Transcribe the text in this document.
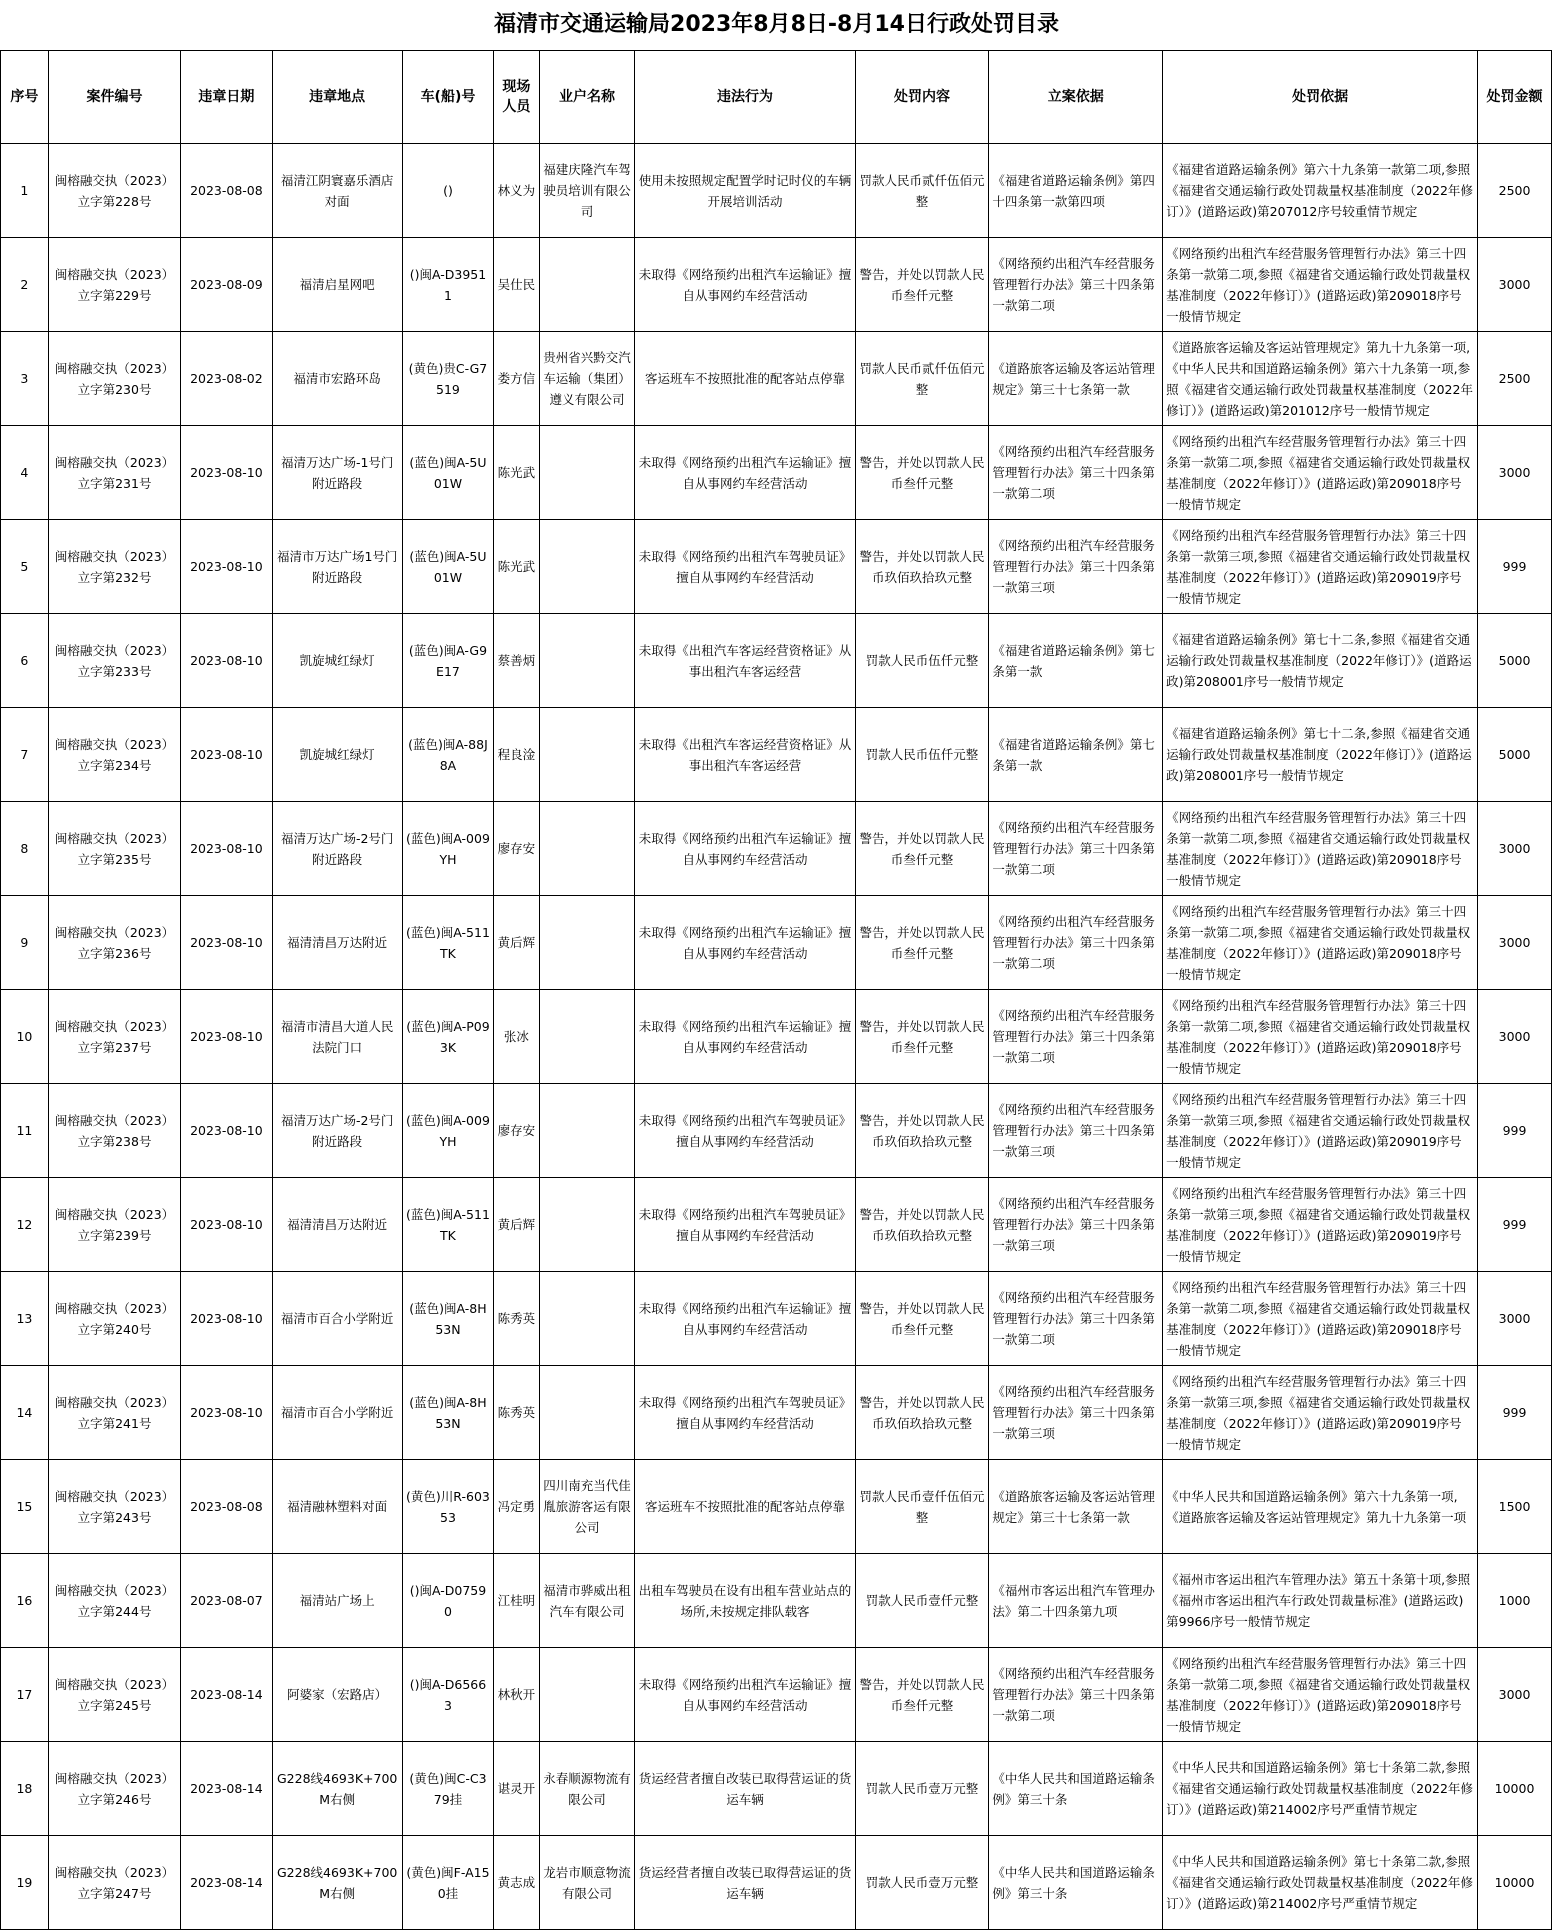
福清市交通运输局2023年8月8日-8月14日行政处罚目录
序号	案件编号	违章日期	违章地点	车(船)号	现场人员	业户名称	违法行为	处罚内容	立案依据	处罚依据	处罚金额

1	闽榕融交执（2023）立字第228号	2023-08-08	福清江阴寰嘉乐酒店对面	()	林义为	福建庆隆汽车驾驶员培训有限公司	使用未按照规定配置学时记时仪的车辆开展培训活动	罚款人民币贰仟伍佰元整	《福建省道路运输条例》第四十四条第一款第四项	《福建省道路运输条例》第六十九条第一款第二项,参照《福建省交通运输行政处罚裁量权基准制度（2022年修订）》(道路运政)第207012序号较重情节规定	2500

2	闽榕融交执（2023）立字第229号	2023-08-09	福清启星网吧	()闽A-D39511	吴仕民		未取得《网络预约出租汽车运输证》擅自从事网约车经营活动	警告，并处以罚款人民币叁仟元整	《网络预约出租汽车经营服务管理暂行办法》第三十四条第一款第二项	《网络预约出租汽车经营服务管理暂行办法》第三十四条第一款第二项,参照《福建省交通运输行政处罚裁量权基准制度（2022年修订）》(道路运政)第209018序号一般情节规定	3000

3	闽榕融交执（2023）立字第230号	2023-08-02	福清市宏路环岛	(黄色)贵C-G7519	娄方信	贵州省兴黔交汽车运输（集团）遵义有限公司	客运班车不按照批准的配客站点停靠	罚款人民币贰仟伍佰元整	《道路旅客运输及客运站管理规定》第三十七条第一款	《道路旅客运输及客运站管理规定》第九十九条第一项,《中华人民共和国道路运输条例》第六十九条第一项,参照《福建省交通运输行政处罚裁量权基准制度（2022年修订）》(道路运政)第201012序号一般情节规定	2500

4	闽榕融交执（2023）立字第231号	2023-08-10	福清万达广场-1号门附近路段	(蓝色)闽A-5U01W	陈光武		未取得《网络预约出租汽车运输证》擅自从事网约车经营活动	警告，并处以罚款人民币叁仟元整	《网络预约出租汽车经营服务管理暂行办法》第三十四条第一款第二项	《网络预约出租汽车经营服务管理暂行办法》第三十四条第一款第二项,参照《福建省交通运输行政处罚裁量权基准制度（2022年修订）》(道路运政)第209018序号一般情节规定	3000

5	闽榕融交执（2023）立字第232号	2023-08-10	福清市万达广场1号门附近路段	(蓝色)闽A-5U01W	陈光武		未取得《网络预约出租汽车驾驶员证》擅自从事网约车经营活动	警告，并处以罚款人民币玖佰玖拾玖元整	《网络预约出租汽车经营服务管理暂行办法》第三十四条第一款第三项	《网络预约出租汽车经营服务管理暂行办法》第三十四条第一款第三项,参照《福建省交通运输行政处罚裁量权基准制度（2022年修订）》(道路运政)第209019序号一般情节规定	999

6	闽榕融交执（2023）立字第233号	2023-08-10	凯旋城红绿灯	(蓝色)闽A-G9E17	蔡善炳		未取得《出租汽车客运经营资格证》从事出租汽车客运经营	罚款人民币伍仟元整	《福建省道路运输条例》第七条第一款	《福建省道路运输条例》第七十二条,参照《福建省交通运输行政处罚裁量权基准制度（2022年修订）》(道路运政)第208001序号一般情节规定	5000

7	闽榕融交执（2023）立字第234号	2023-08-10	凯旋城红绿灯	(蓝色)闽A-88J8A	程良淦		未取得《出租汽车客运经营资格证》从事出租汽车客运经营	罚款人民币伍仟元整	《福建省道路运输条例》第七条第一款	《福建省道路运输条例》第七十二条,参照《福建省交通运输行政处罚裁量权基准制度（2022年修订）》(道路运政)第208001序号一般情节规定	5000

8	闽榕融交执（2023）立字第235号	2023-08-10	福清万达广场-2号门附近路段	(蓝色)闽A-009YH	廖存安		未取得《网络预约出租汽车运输证》擅自从事网约车经营活动	警告，并处以罚款人民币叁仟元整	《网络预约出租汽车经营服务管理暂行办法》第三十四条第一款第二项	《网络预约出租汽车经营服务管理暂行办法》第三十四条第一款第二项,参照《福建省交通运输行政处罚裁量权基准制度（2022年修订）》(道路运政)第209018序号一般情节规定	3000

9	闽榕融交执（2023）立字第236号	2023-08-10	福清清昌万达附近	(蓝色)闽A-511TK	黄后辉		未取得《网络预约出租汽车运输证》擅自从事网约车经营活动	警告，并处以罚款人民币叁仟元整	《网络预约出租汽车经营服务管理暂行办法》第三十四条第一款第二项	《网络预约出租汽车经营服务管理暂行办法》第三十四条第一款第二项,参照《福建省交通运输行政处罚裁量权基准制度（2022年修订）》(道路运政)第209018序号一般情节规定	3000

10	闽榕融交执（2023）立字第237号	2023-08-10	福清市清昌大道人民法院门口	(蓝色)闽A-P093K	张冰		未取得《网络预约出租汽车运输证》擅自从事网约车经营活动	警告，并处以罚款人民币叁仟元整	《网络预约出租汽车经营服务管理暂行办法》第三十四条第一款第二项	《网络预约出租汽车经营服务管理暂行办法》第三十四条第一款第二项,参照《福建省交通运输行政处罚裁量权基准制度（2022年修订）》(道路运政)第209018序号一般情节规定	3000

11	闽榕融交执（2023）立字第238号	2023-08-10	福清万达广场-2号门附近路段	(蓝色)闽A-009YH	廖存安		未取得《网络预约出租汽车驾驶员证》擅自从事网约车经营活动	警告，并处以罚款人民币玖佰玖拾玖元整	《网络预约出租汽车经营服务管理暂行办法》第三十四条第一款第三项	《网络预约出租汽车经营服务管理暂行办法》第三十四条第一款第三项,参照《福建省交通运输行政处罚裁量权基准制度（2022年修订）》(道路运政)第209019序号一般情节规定	999

12	闽榕融交执（2023）立字第239号	2023-08-10	福清清昌万达附近	(蓝色)闽A-511TK	黄后辉		未取得《网络预约出租汽车驾驶员证》擅自从事网约车经营活动	警告，并处以罚款人民币玖佰玖拾玖元整	《网络预约出租汽车经营服务管理暂行办法》第三十四条第一款第三项	《网络预约出租汽车经营服务管理暂行办法》第三十四条第一款第三项,参照《福建省交通运输行政处罚裁量权基准制度（2022年修订）》(道路运政)第209019序号一般情节规定	999

13	闽榕融交执（2023）立字第240号	2023-08-10	福清市百合小学附近	(蓝色)闽A-8H53N	陈秀英		未取得《网络预约出租汽车运输证》擅自从事网约车经营活动	警告，并处以罚款人民币叁仟元整	《网络预约出租汽车经营服务管理暂行办法》第三十四条第一款第二项	《网络预约出租汽车经营服务管理暂行办法》第三十四条第一款第二项,参照《福建省交通运输行政处罚裁量权基准制度（2022年修订）》(道路运政)第209018序号一般情节规定	3000

14	闽榕融交执（2023）立字第241号	2023-08-10	福清市百合小学附近	(蓝色)闽A-8H53N	陈秀英		未取得《网络预约出租汽车驾驶员证》擅自从事网约车经营活动	警告，并处以罚款人民币玖佰玖拾玖元整	《网络预约出租汽车经营服务管理暂行办法》第三十四条第一款第三项	《网络预约出租汽车经营服务管理暂行办法》第三十四条第一款第三项,参照《福建省交通运输行政处罚裁量权基准制度（2022年修订）》(道路运政)第209019序号一般情节规定	999

15	闽榕融交执（2023）立字第243号	2023-08-08	福清融林塑料对面	(黄色)川R-60353	冯定勇	四川南充当代佳胤旅游客运有限公司	客运班车不按照批准的配客站点停靠	罚款人民币壹仟伍佰元整	《道路旅客运输及客运站管理规定》第三十七条第一款	《中华人民共和国道路运输条例》第六十九条第一项,《道路旅客运输及客运站管理规定》第九十九条第一项	1500

16	闽榕融交执（2023）立字第244号	2023-08-07	福清站广场上	()闽A-D07590	江桂明	福清市骅威出租汽车有限公司	出租车驾驶员在设有出租车营业站点的场所,未按规定排队载客	罚款人民币壹仟元整	《福州市客运出租汽车管理办法》第二十四条第九项	《福州市客运出租汽车管理办法》第五十条第十项,参照《福州市客运出租汽车行政处罚裁量标准》(道路运政)第9966序号一般情节规定	1000

17	闽榕融交执（2023）立字第245号	2023-08-14	阿婆家（宏路店）	()闽A-D65663	林秋开		未取得《网络预约出租汽车运输证》擅自从事网约车经营活动	警告，并处以罚款人民币叁仟元整	《网络预约出租汽车经营服务管理暂行办法》第三十四条第一款第二项	《网络预约出租汽车经营服务管理暂行办法》第三十四条第一款第二项,参照《福建省交通运输行政处罚裁量权基准制度（2022年修订）》(道路运政)第209018序号一般情节规定	3000

18	闽榕融交执（2023）立字第246号	2023-08-14	G228线4693K+700M右侧	(黄色)闽C-C379挂	谌灵开	永春顺源物流有限公司	货运经营者擅自改装已取得营运证的货运车辆	罚款人民币壹万元整	《中华人民共和国道路运输条例》第三十条	《中华人民共和国道路运输条例》第七十条第二款,参照《福建省交通运输行政处罚裁量权基准制度（2022年修订）》(道路运政)第214002序号严重情节规定	10000

19	闽榕融交执（2023）立字第247号	2023-08-14	G228线4693K+700M右侧	(黄色)闽F-A150挂	黄志成	龙岩市顺意物流有限公司	货运经营者擅自改装已取得营运证的货运车辆	罚款人民币壹万元整	《中华人民共和国道路运输条例》第三十条	《中华人民共和国道路运输条例》第七十条第二款,参照《福建省交通运输行政处罚裁量权基准制度（2022年修订）》(道路运政)第214002序号严重情节规定	10000
